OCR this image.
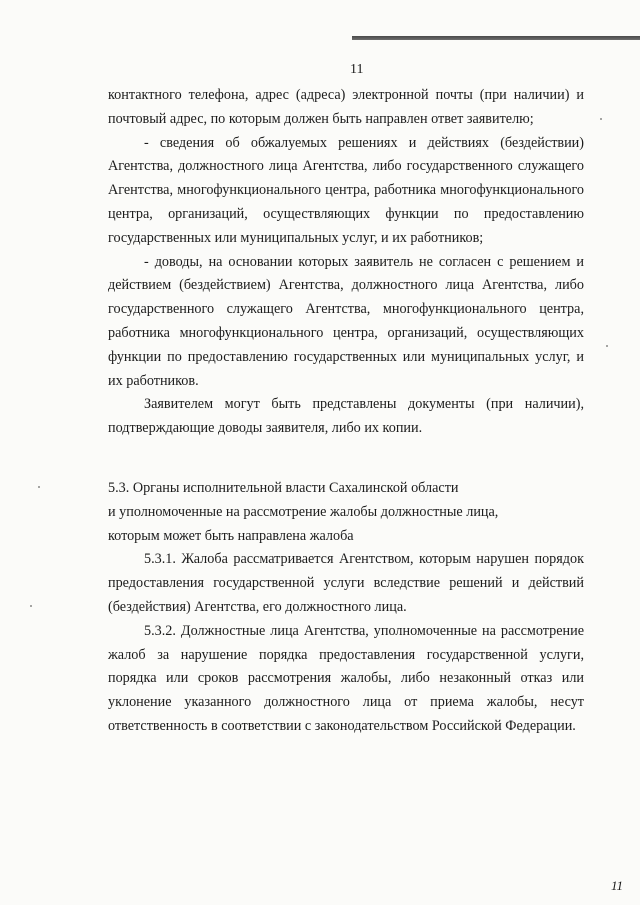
11

контактного телефона, адрес (адреса) электронной почты (при наличии) и почтовый адрес, по которым должен быть направлен ответ заявителю;

- сведения об обжалуемых решениях и действиях (бездействии) Агентства, должностного лица Агентства, либо государственного служащего Агентства, многофункционального центра, работника многофункционального центра, организаций, осуществляющих функции по предоставлению государственных или муниципальных услуг, и их работников;

- доводы, на основании которых заявитель не согласен с решением и действием (бездействием) Агентства, должностного лица Агентства, либо государственного служащего Агентства, многофункционального центра, работника многофункционального центра, организаций, осуществляющих функции по предоставлению государственных или муниципальных услуг, и их работников.

Заявителем могут быть представлены документы (при наличии), подтверждающие доводы заявителя, либо их копии.

5.3. Органы исполнительной власти Сахалинской области

и уполномоченные на рассмотрение жалобы должностные лица,

которым может быть направлена жалоба

5.3.1. Жалоба рассматривается Агентством, которым нарушен порядок предоставления государственной услуги вследствие решений и действий (бездействия) Агентства, его должностного лица.

5.3.2. Должностные лица Агентства, уполномоченные на рассмотрение жалоб за нарушение порядка предоставления государственной услуги, порядка или сроков рассмотрения жалобы, либо незаконный отказ или уклонение указанного должностного лица от приема жалобы, несут ответственность в соответствии с законодательством Российской Федерации.

11
